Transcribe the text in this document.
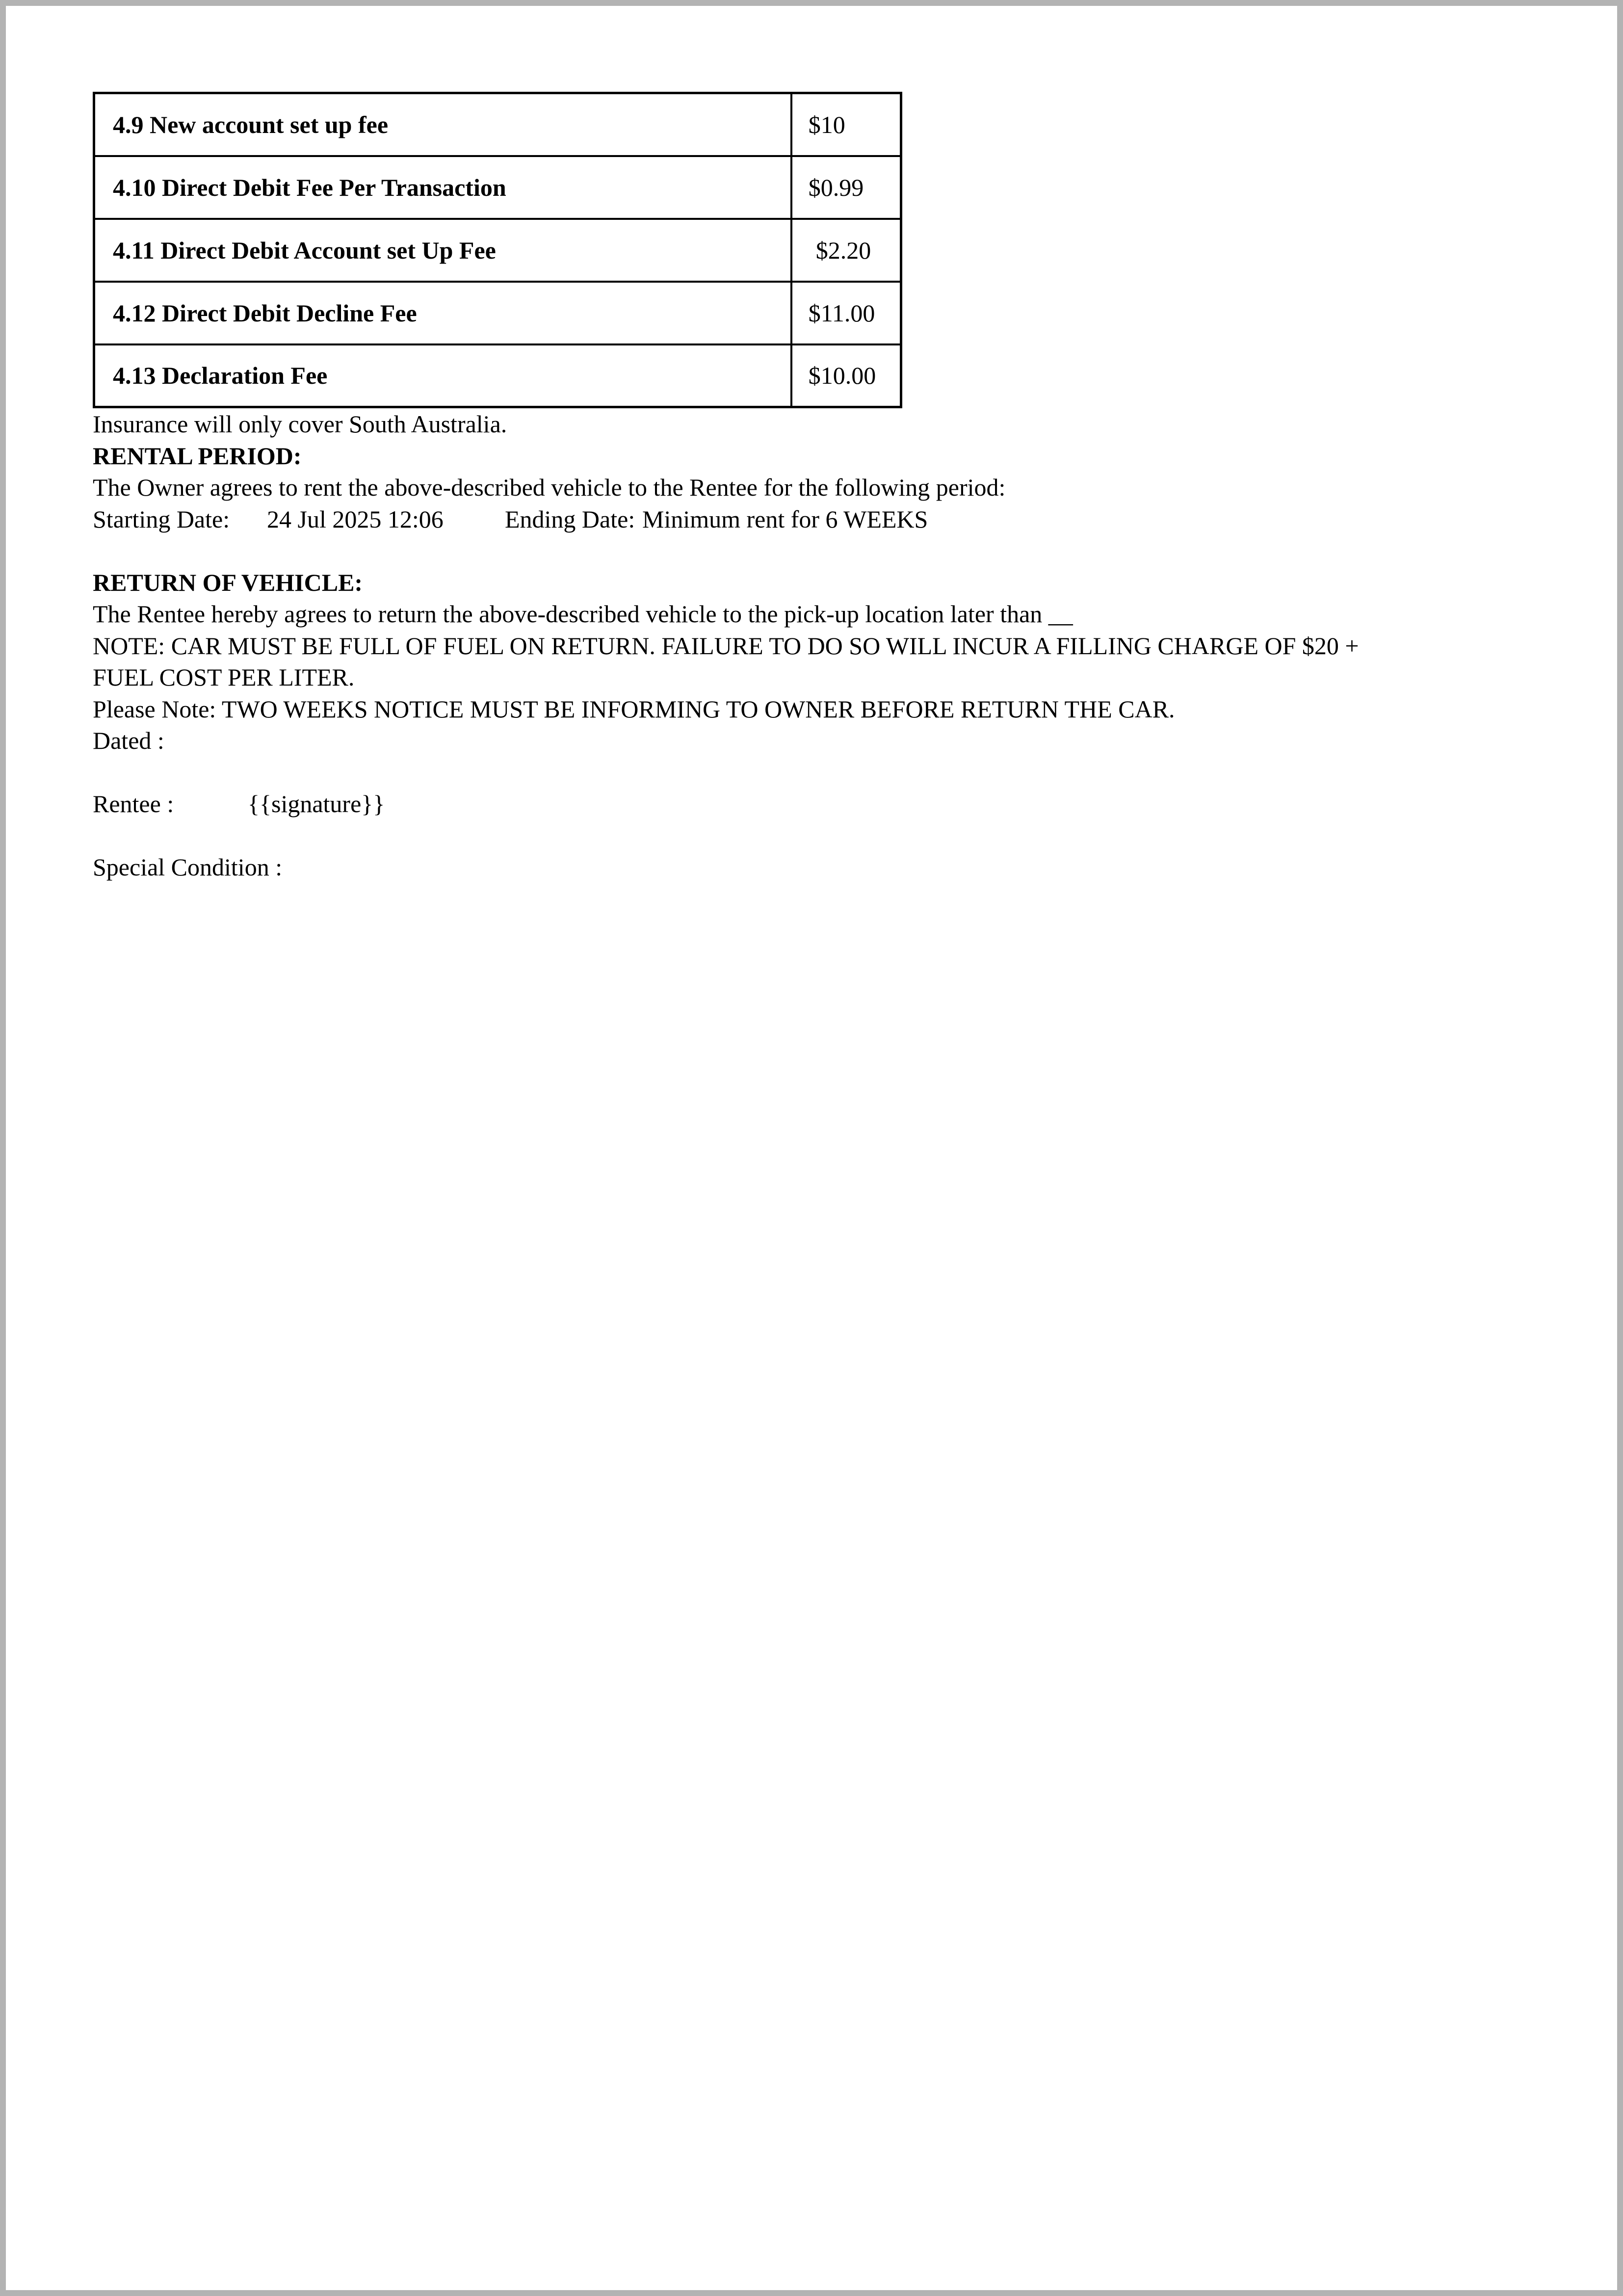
4.9 New account set up fee	$10
4.10 Direct Debit Fee Per Transaction	$0.99
4.11 Direct Debit Account set Up Fee	$2.20
4.12 Direct Debit Decline Fee	$11.00
4.13 Declaration Fee	$10.00
Insurance will only cover South Australia.
RENTAL PERIOD:
The Owner agrees to rent the above-described vehicle to the Rentee for the following period:
Starting Date: 24 Jul 2025 12:06	Ending Date: Minimum rent for 6 WEEKS
RETURN OF VEHICLE:
The Rentee hereby agrees to return the above-described vehicle to the pick-up location later than __
NOTE: CAR MUST BE FULL OF FUEL ON RETURN. FAILURE TO DO SO WILL INCUR A FILLING CHARGE OF $20 +
FUEL COST PER LITER.
Please Note: TWO WEEKS NOTICE MUST BE INFORMING TO OWNER BEFORE RETURN THE CAR.
Dated :
Rentee :	{{signature}}
Special Condition :
